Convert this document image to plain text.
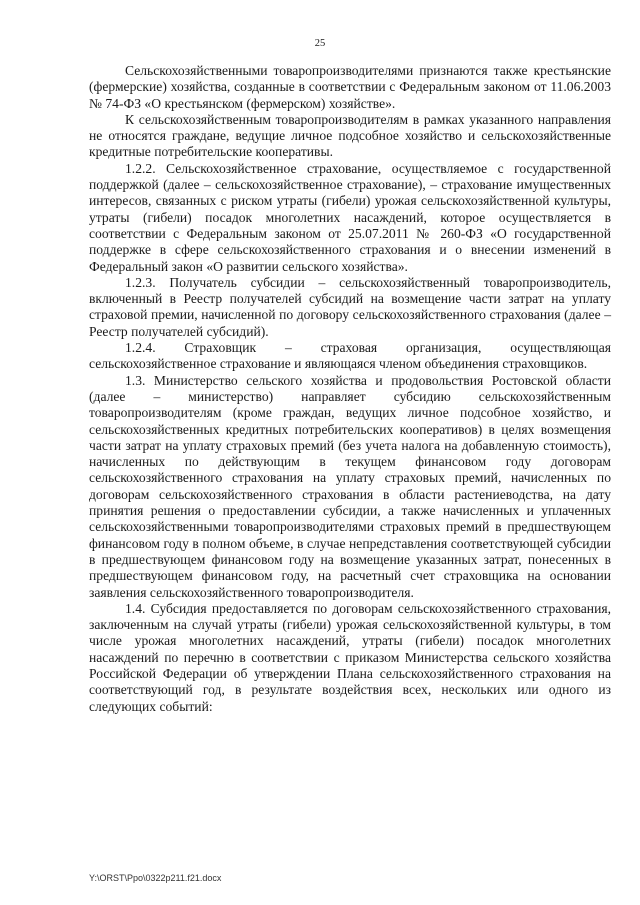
25

Сельскохозяйственными товаропроизводителями признаются также крестьянские (фермерские) хозяйства, созданные в соответствии с Федеральным законом от 11.06.2003 № 74-ФЗ «О крестьянском (фермерском) хозяйстве».

К сельскохозяйственным товаропроизводителям в рамках указанного направления не относятся граждане, ведущие личное подсобное хозяйство и сельскохозяйственные кредитные потребительские кооперативы.

1.2.2. Сельскохозяйственное страхование, осуществляемое с государственной поддержкой (далее – сельскохозяйственное страхование), – страхование имущественных интересов, связанных с риском утраты (гибели) урожая сельскохозяйственной культуры, утраты (гибели) посадок многолетних насаждений, которое осуществляется в соответствии с Федеральным законом от 25.07.2011 № 260-ФЗ «О государственной поддержке в сфере сельскохозяйственного страхования и о внесении изменений в Федеральный закон «О развитии сельского хозяйства».

1.2.3. Получатель субсидии – сельскохозяйственный товаропроизводитель, включенный в Реестр получателей субсидий на возмещение части затрат на уплату страховой премии, начисленной по договору сельскохозяйственного страхования (далее – Реестр получателей субсидий).

1.2.4. Страховщик – страховая организация, осуществляющая сельскохозяйственное страхование и являющаяся членом объединения страховщиков.

1.3. Министерство сельского хозяйства и продовольствия Ростовской области (далее – министерство) направляет субсидию сельскохозяйственным товаропроизводителям (кроме граждан, ведущих личное подсобное хозяйство, и сельскохозяйственных кредитных потребительских кооперативов) в целях возмещения части затрат на уплату страховых премий (без учета налога на добавленную стоимость), начисленных по действующим в текущем финансовом году договорам сельскохозяйственного страхования на уплату страховых премий, начисленных по договорам сельскохозяйственного страхования в области растениеводства, на дату принятия решения о предоставлении субсидии, а также начисленных и уплаченных сельскохозяйственными товаропроизводителями страховых премий в предшествующем финансовом году в полном объеме, в случае непредставления соответствующей субсидии в предшествующем финансовом году на возмещение указанных затрат, понесенных в предшествующем финансовом году, на расчетный счет страховщика на основании заявления сельскохозяйственного товаропроизводителя.

1.4. Субсидия предоставляется по договорам сельскохозяйственного страхования, заключенным на случай утраты (гибели) урожая сельскохозяйственной культуры, в том числе урожая многолетних насаждений, утраты (гибели) посадок многолетних насаждений по перечню в соответствии с приказом Министерства сельского хозяйства Российской Федерации об утверждении Плана сельскохозяйственного страхования на соответствующий год, в результате воздействия всех, нескольких или одного из следующих событий:

Y:\ORST\Ppo\0322p211.f21.docx
